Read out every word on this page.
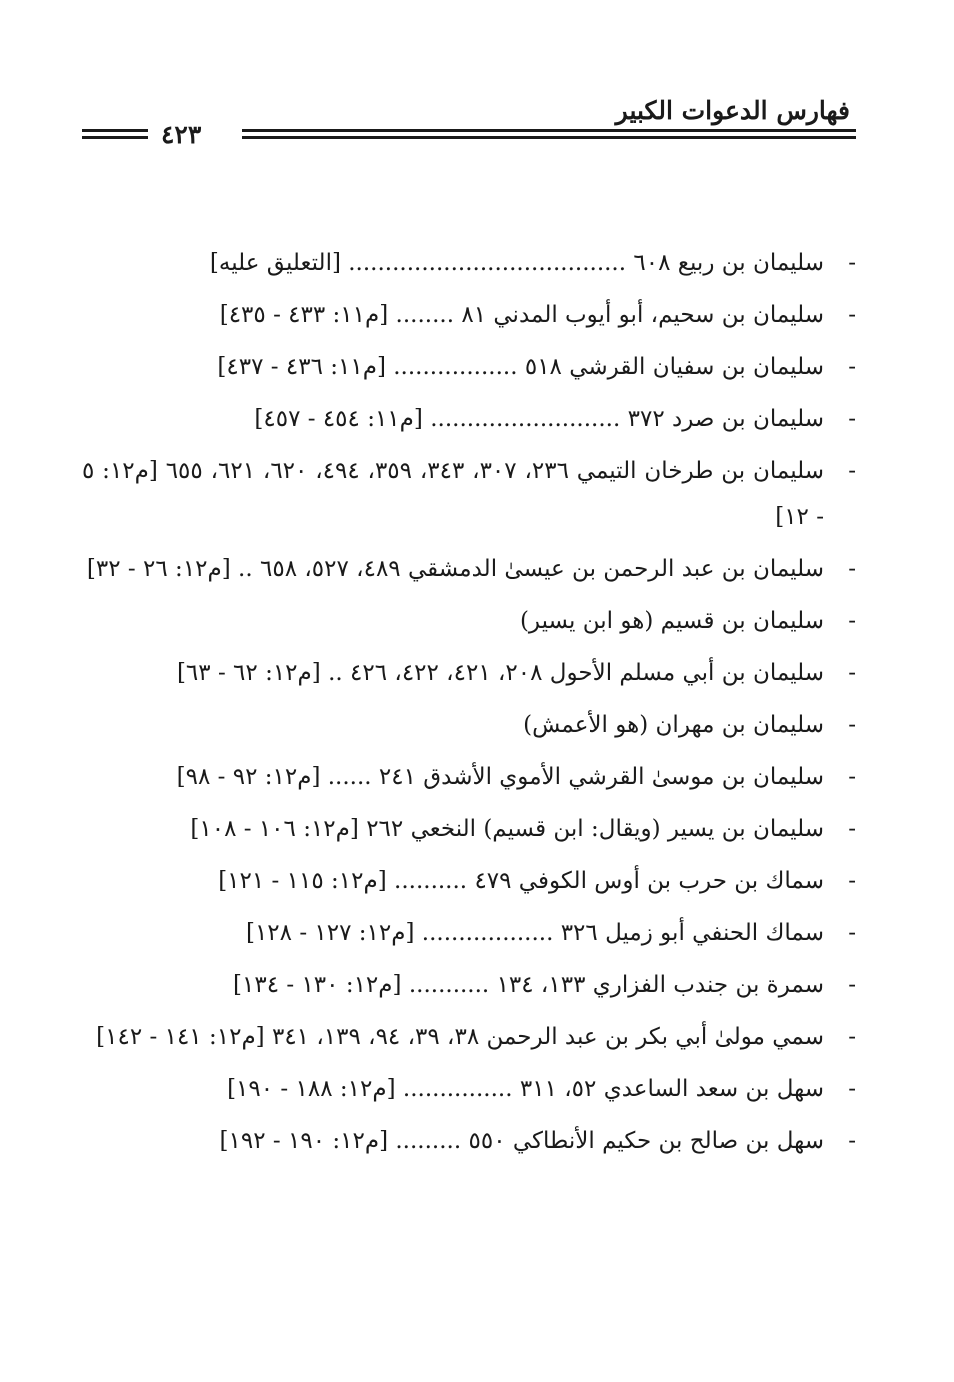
فهارس الدعوات الكبير
٤٢٣
-
سليمان بن ربيع ٦٠٨ ...................................... [التعليق عليه]
-
سليمان بن سحيم، أبو أيوب المدني ٨١ ........ [م١١: ٤٣٣ - ٤٣٥]
-
سليمان بن سفيان القرشي ٥١٨ ................. [م١١: ٤٣٦ - ٤٣٧]
-
سليمان بن صرد ٣٧٢ .......................... [م١١: ٤٥٤ - ٤٥٧]
-
سليمان بن طرخان التيمي ٢٣٦، ٣٠٧، ٣٤٣، ٣٥٩، ٤٩٤، ٦٢٠، ٦٢١، ٦٥٥ [م١٢: ٥ - ١٢]
-
سليمان بن عبد الرحمن بن عيسىٰ الدمشقي ٤٨٩، ٥٢٧، ٦٥٨ .. [م١٢: ٢٦ - ٣٢]
-
سليمان بن قسيم (هو ابن يسير)
-
سليمان بن أبي مسلم الأحول ٢٠٨، ٤٢١، ٤٢٢، ٤٢٦ .. [م١٢: ٦٢ - ٦٣]
-
سليمان بن مهران (هو الأعمش)
-
سليمان بن موسىٰ القرشي الأموي الأشدق ٢٤١ ...... [م١٢: ٩٢ - ٩٨]
-
سليمان بن يسير (ويقال: ابن قسيم) النخعي ٢٦٢ [م١٢: ١٠٦ - ١٠٨]
-
سماك بن حرب بن أوس الكوفي ٤٧٩ .......... [م١٢: ١١٥ - ١٢١]
-
سماك الحنفي أبو زميل ٣٢٦ .................. [م١٢: ١٢٧ - ١٢٨]
-
سمرة بن جندب الفزاري ١٣٣، ١٣٤ ........... [م١٢: ١٣٠ - ١٣٤]
-
سمي مولىٰ أبي بكر بن عبد الرحمن ٣٨، ٣٩، ٩٤، ١٣٩، ٣٤١ [م١٢: ١٤١ - ١٤٢]
-
سهل بن سعد الساعدي ٥٢، ٣١١ ............... [م١٢: ١٨٨ - ١٩٠]
-
سهل بن صالح بن حكيم الأنطاكي ٥٥٠ ......... [م١٢: ١٩٠ - ١٩٢]
